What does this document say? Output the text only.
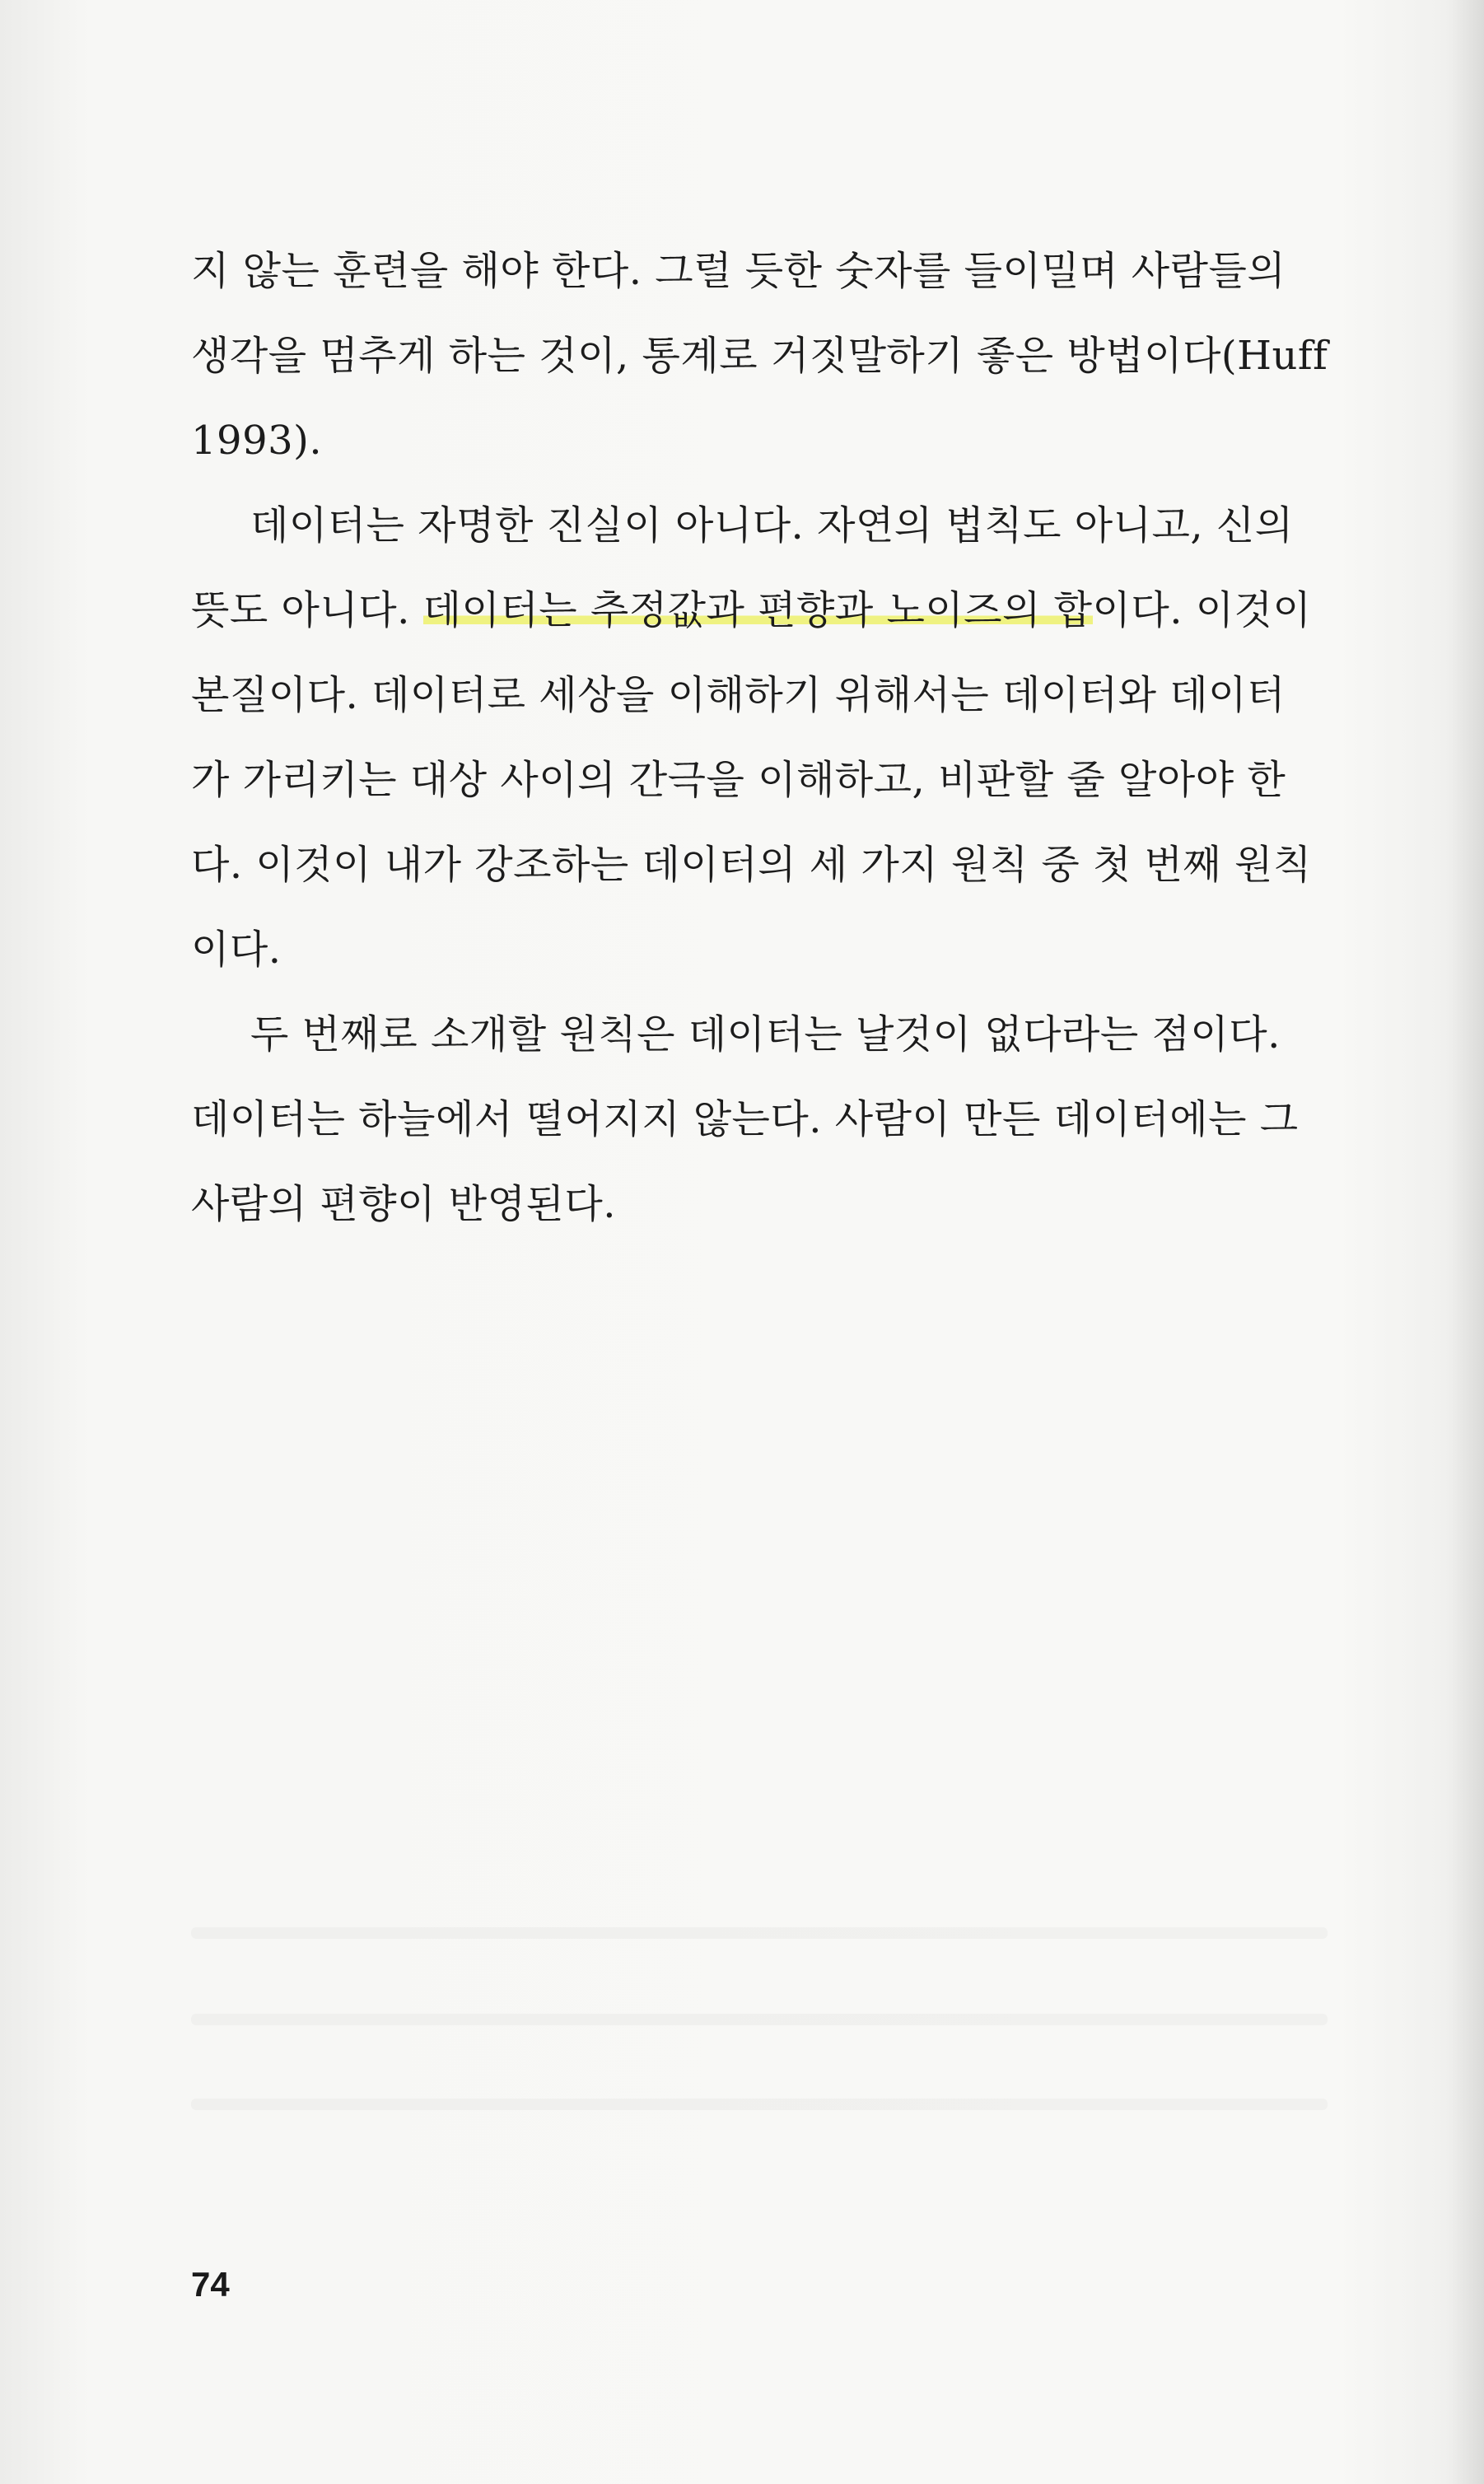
지 않는 훈련을 해야 한다. 그럴 듯한 숫자를 들이밀며 사람들의
생각을 멈추게 하는 것이, 통계로 거짓말하기 좋은 방법이다(Huff
1993).

데이터는 자명한 진실이 아니다. 자연의 법칙도 아니고, 신의
뜻도 아니다. 데이터는 추정값과 편향과 노이즈의 합이다. 이것이
본질이다. 데이터로 세상을 이해하기 위해서는 데이터와 데이터
가 가리키는 대상 사이의 간극을 이해하고, 비판할 줄 알아야 한
다. 이것이 내가 강조하는 데이터의 세 가지 원칙 중 첫 번째 원칙
이다.

두 번째로 소개할 원칙은 데이터는 날것이 없다라는 점이다.
데이터는 하늘에서 떨어지지 않는다. 사람이 만든 데이터에는 그
사람의 편향이 반영된다.

74
